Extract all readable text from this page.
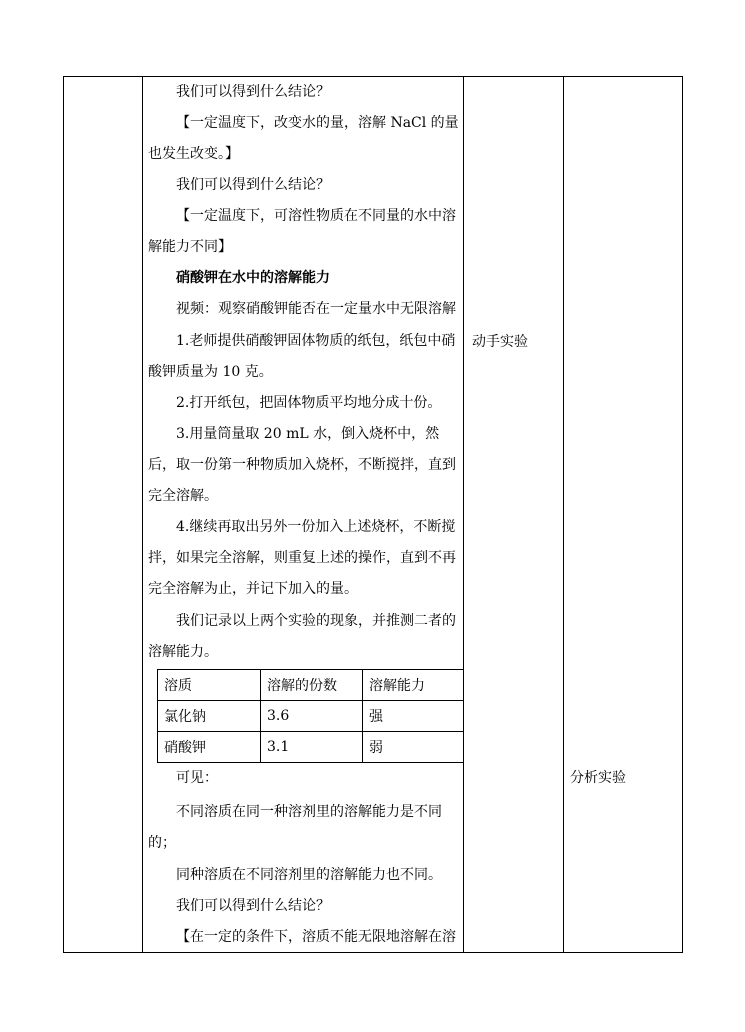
动手实验
分析实验

我们可以得到什么结论？

【一定温度下，改变水的量，溶解 NaCl 的量也发生改变。】

我们可以得到什么结论？

【一定温度下，可溶性物质在不同量的水中溶解能力不同】

硝酸钾在水中的溶解能力

视频：观察硝酸钾能否在一定量水中无限溶解

1.老师提供硝酸钾固体物质的纸包，纸包中硝酸钾质量为 10 克。

2.打开纸包，把固体物质平均地分成十份。

3.用量筒量取 20 mL 水，倒入烧杯中，然后，取一份第一种物质加入烧杯，不断搅拌，直到完全溶解。

4.继续再取出另外一份加入上述烧杯，不断搅拌，如果完全溶解，则重复上述的操作，直到不再完全溶解为止，并记下加入的量。

我们记录以上两个实验的现象，并推测二者的溶解能力。

溶质	溶解的份数	溶解能力
氯化钠	3.6	强
硝酸钾	3.1	弱

可见：

不同溶质在同一种溶剂里的溶解能力是不同的；

同种溶质在不同溶剂里的溶解能力也不同。

我们可以得到什么结论？

【在一定的条件下，溶质不能无限地溶解在溶
